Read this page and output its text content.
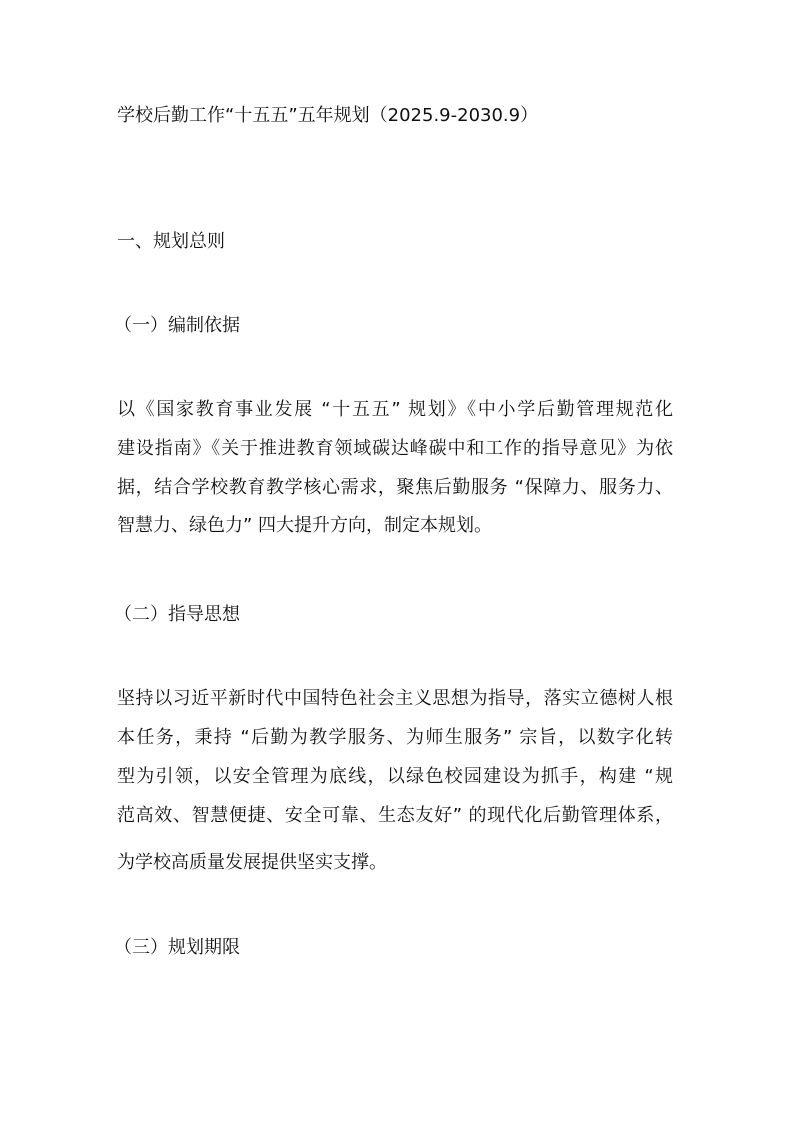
学校后勤工作“十五五”五年规划（2025.9-2030.9）
一、规划总则
（一）编制依据
以《国家教育事业发展 “十五五” 规划》《中小学后勤管理规范化
建设指南》《关于推进教育领域碳达峰碳中和工作的指导意见》为依
据，结合学校教育教学核心需求，聚焦后勤服务 “保障力、服务力、
智慧力、绿色力” 四大提升方向，制定本规划。
（二）指导思想
坚持以习近平新时代中国特色社会主义思想为指导，落实立德树人根
本任务，秉持 “后勤为教学服务、为师生服务” 宗旨，以数字化转
型为引领，以安全管理为底线，以绿色校园建设为抓手，构建 “规
范高效、智慧便捷、安全可靠、生态友好” 的现代化后勤管理体系，
为学校高质量发展提供坚实支撑。
（三）规划期限
